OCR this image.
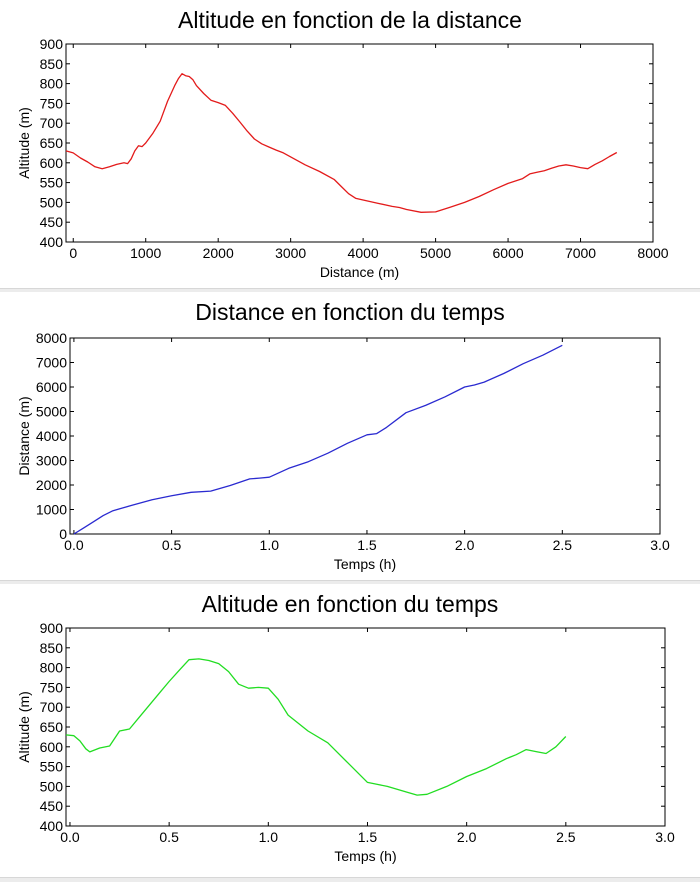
Altitude en fonction de la distance
400
450
500
550
600
650
700
750
800
850
900
0	1000	2000	3000	4000	5000	6000	7000	8000
Distance (m)
Altitude (m)
Distance en fonction du temps
0
1000
2000
3000
4000
5000
6000
7000
8000
0.0	0.5	1.0	1.5	2.0	2.5	3.0
Temps (h)
Distance (m)
Altitude en fonction du temps
400
450
500
550
600
650
700
750
800
850
900
0.0	0.5	1.0	1.5	2.0	2.5	3.0
Temps (h)
Altitude (m)
